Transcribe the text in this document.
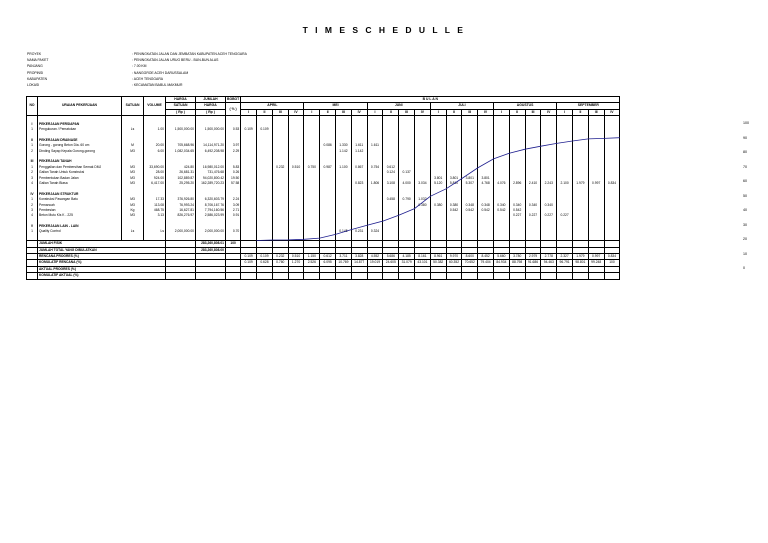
T I M E S C H E D U L L E
PROYEK	: PENINGKATAN JALAN DAN JEMBATAN KABUPATEN ACEH TENGGARA
NAMA PAKET	: PENINGKATAN JALAN URUG BERU - BUN-BUN ALAS
PANJANG	: 7.00 KM
PROPINSI	: NANGGROE ACEH DARUSSALAM
KABUPATEN	: ACEH TENGGARA
LOKASI	: KECAMATAN BABUL MAKMUR
NO	URAIAN PEKERJAAN	SATUAN	VOLUME	HARGA	JUMLAH	BOBOT	B U L A N																							
				SATUAN	HARGA	( % )	APRIL				MEI				JUNI				JULI				AGUSTUS				SEPTEMBER			
				( Rp )	( Rp )		I	II	III	IV	I	II	III	IV	I	II	III	IV	I	II	III	IV	I	II	III	IV	I	II	III	IV

I	PEKERJAAN PERSIAPAN																													
1	Pengukuran / Pematokan	Ls	1.00	1,500,000.00	1,500,000.00	0.53	0.109	0.109																						

II	PEKERJAAN DRAINASE																													
1	Gorong - gorong Beton Dia. 60 cm	M	20.00	705,668.96	14,114,971.20	3.97						0.086	1.330	1.611	1.611															
2	Dinding Sayap Kepala Gorong-gorong	M3	6.00	1,082,034.65	6,492,208.98	2.29							1.142	1.142																

III	PEKERJAAN TANAH																													
1	Penggalian dan Pembersihan Semak DMJ	M3	33,690.00	424.80	16,980,012.00	5.83			0.232	0.510	0.750	0.987	1.100	0.867	0.754	0.612														
2	Galian Tanah Untuk Konstruksi	M3	28.00	26,681.31	731,476.68	0.26										0.124	0.137													
3	Pembentukan Badan Jalan	M3	924.00	102,889.87	94,020,800.42	19.50													3.801	3.801	3.801	3.801								
4	Galian Tanah Biasa	M3	6,417.00	25,295.20	162,289,720.23	57.58								0.823	1.806	3.108	4.000	3.034	5.120	5.810	5.307	4.768	4.076	2.896	2.410	2.243	2.100	1.979	0.997	0.834

IV	PEKERJAAN STRUKTUR																													
1	Konstruksi Pasangan Batu	M3	17.33	376,926.80	6,320,603.79	2.24										0.458	0.790	1.032												
2	Pemancah	M3	113.08	76,993.24	8,706,167.76	3.09												0.380	0.380	0.380	0.348	0.348	0.340	0.340	0.340	0.340				
3	Pembesian	Kg	468.75	16,627.81	7,794,160.56	2.71														0.542	0.542	0.542	0.542	0.542						
4	Beton Mutu Kls K - 225	M3	3.13	826,276.97	2,586,023.99	0.91																		0.227	0.227	0.227	0.227			

V	PEKERJAAN LAIN - LAIN																													
1	Quality Control	Ls	Ls	2,000,000.00	2,000,000.00	0.70							0.145	0.231	0.324															

	JUMLAH FISIK				283,260,808.01	100																								
	JUMLAH TOTAL YANG DIBULATKAN				283,260,808.00																									
	RENCANA PROGRES (%)						0.109	0.109	0.232	0.510	1.150	0.612	3.711	3.828	4.552	5.686	4.185	8.161	8.961	9.970	8.600	8.452	5.660	3.780	2.979	2.778	2.327	1.979	0.997	0.834
	KOMULATIF RENCANA (%)						0.109	0.628	0.760	1.270	2.526	6.095	10.769	14.877	19.019	24.605	31.079	43.101	50.382	60.352	70.652	79.404	84.934	88.798	91.686	94.463	96.791	98.801	99.248	100
	AKTUAL PROGRES (%)																													
	KOMULATIF AKTUAL (%)																													
100
90
80
70
60
50
40
30
20
10
0
